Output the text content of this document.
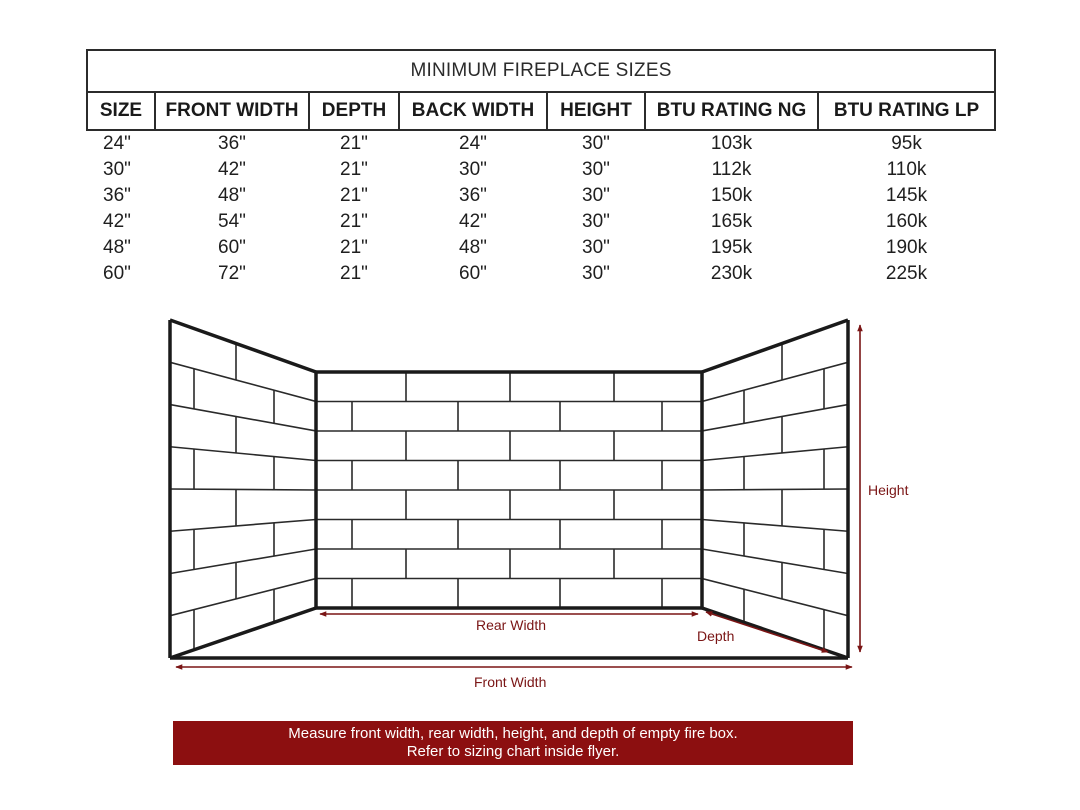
MINIMUM FIREPLACE SIZES						
SIZE	FRONT WIDTH	DEPTH	BACK WIDTH	HEIGHT	BTU RATING NG	BTU RATING LP
24"	36"	21"	24"	30"	103k	95k
30"	42"	21"	30"	30"	112k	110k
36"	48"	21"	36"	30"	150k	145k
42"	54"	21"	42"	30"	165k	160k
48"	60"	21"	48"	30"	195k	190k
60"	72"	21"	60"	30"	230k	225k
Height
Rear Width
Depth
Front Width
Measure front width, rear width, height, and depth of empty fire box.
Refer to sizing chart inside flyer.
